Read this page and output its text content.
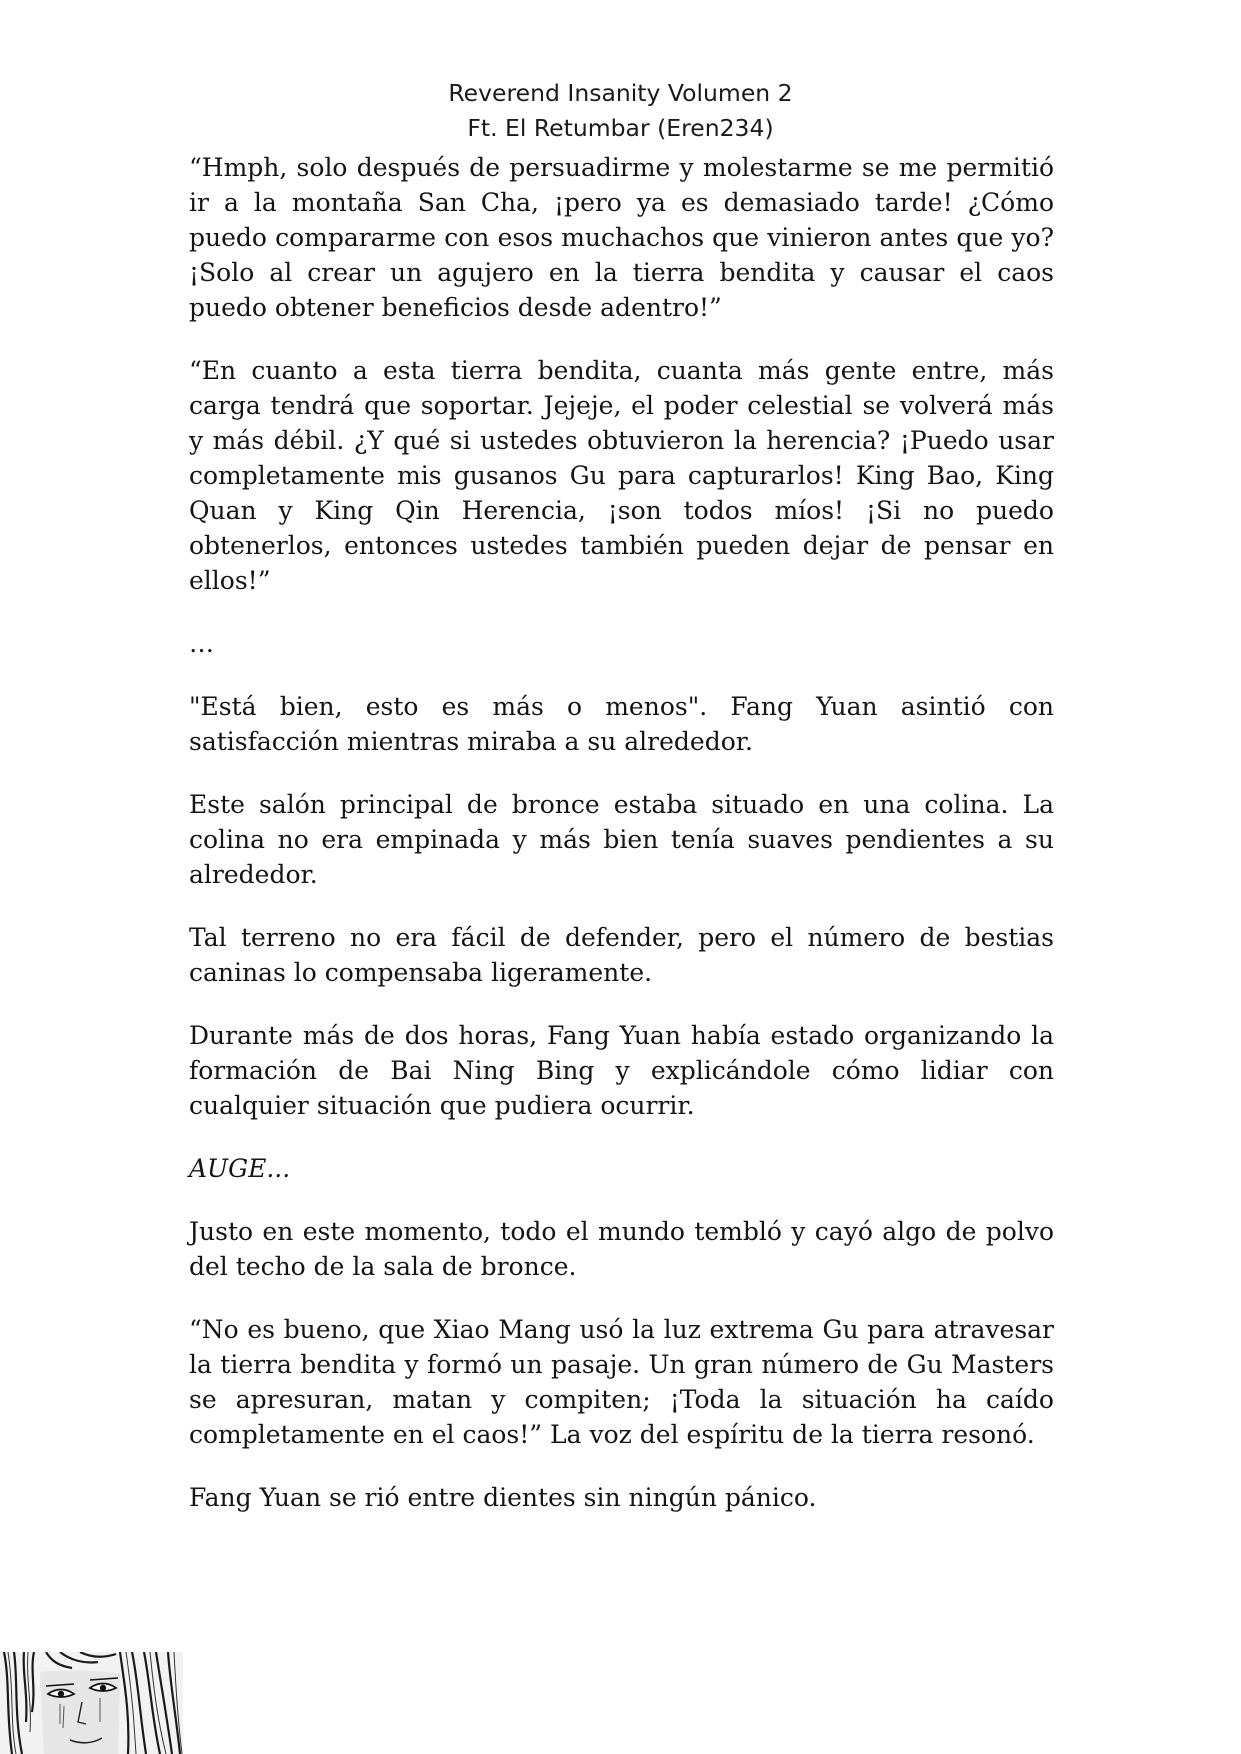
Reverend Insanity Volumen 2
Ft. El Retumbar (Eren234)

“Hmph, solo después de persuadirme y molestarme se me permitió ir a la montaña San Cha, ¡pero ya es demasiado tarde! ¿Cómo puedo compararme con esos muchachos que vinieron antes que yo? ¡Solo al crear un agujero en la tierra bendita y causar el caos puedo obtener beneficios desde adentro!”

“En cuanto a esta tierra bendita, cuanta más gente entre, más carga tendrá que soportar. Jejeje, el poder celestial se volverá más y más débil. ¿Y qué si ustedes obtuvieron la herencia? ¡Puedo usar completamente mis gusanos Gu para capturarlos! King Bao, King Quan y King Qin Herencia, ¡son todos míos! ¡Si no puedo obtenerlos, entonces ustedes también pueden dejar de pensar en ellos!”

…

"Está bien, esto es más o menos". Fang Yuan asintió con satisfacción mientras miraba a su alrededor.

Este salón principal de bronce estaba situado en una colina. La colina no era empinada y más bien tenía suaves pendientes a su alrededor.

Tal terreno no era fácil de defender, pero el número de bestias caninas lo compensaba ligeramente.

Durante más de dos horas, Fang Yuan había estado organizando la formación de Bai Ning Bing y explicándole cómo lidiar con cualquier situación que pudiera ocurrir.

AUGE...

Justo en este momento, todo el mundo tembló y cayó algo de polvo del techo de la sala de bronce.

“No es bueno, que Xiao Mang usó la luz extrema Gu para atravesar la tierra bendita y formó un pasaje. Un gran número de Gu Masters se apresuran, matan y compiten; ¡Toda la situación ha caído completamente en el caos!” La voz del espíritu de la tierra resonó.

Fang Yuan se rió entre dientes sin ningún pánico.
